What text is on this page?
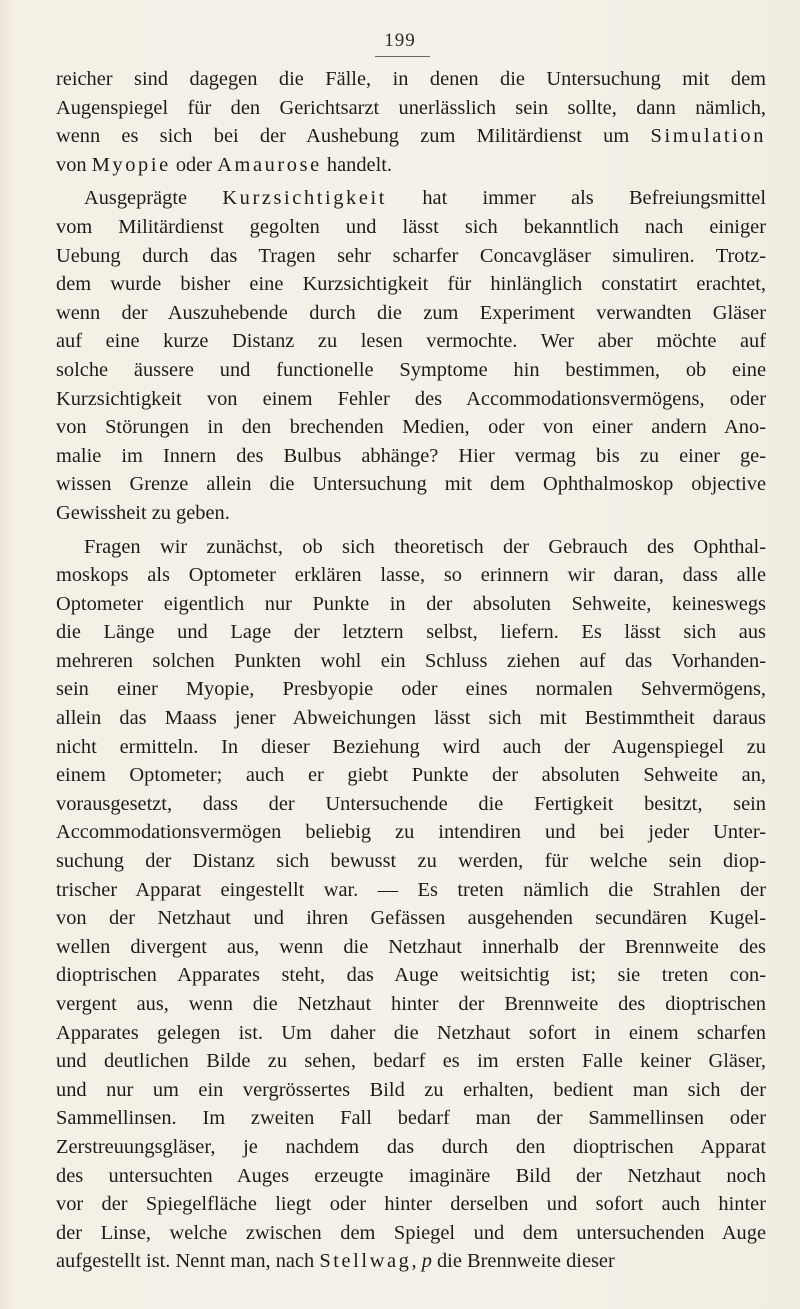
199

reicher sind dagegen die Fälle, in denen die Untersuchung mit dem
Augenspiegel für den Gerichtsarzt unerlässlich sein sollte, dann nämlich,
wenn es sich bei der Aushebung zum Militärdienst um Simulation
von Myopie oder Amaurose handelt.

Ausgeprägte Kurzsichtigkeit hat immer als Befreiungsmittel
vom Militärdienst gegolten und lässt sich bekanntlich nach einiger
Uebung durch das Tragen sehr scharfer Concavgläser simuliren. Trotz-
dem wurde bisher eine Kurzsichtigkeit für hinlänglich constatirt erachtet,
wenn der Auszuhebende durch die zum Experiment verwandten Gläser
auf eine kurze Distanz zu lesen vermochte. Wer aber möchte auf
solche äussere und functionelle Symptome hin bestimmen, ob eine
Kurzsichtigkeit von einem Fehler des Accommodationsvermögens, oder
von Störungen in den brechenden Medien, oder von einer andern Ano-
malie im Innern des Bulbus abhänge? Hier vermag bis zu einer ge-
wissen Grenze allein die Untersuchung mit dem Ophthalmoskop objective
Gewissheit zu geben.

Fragen wir zunächst, ob sich theoretisch der Gebrauch des Ophthal-
moskops als Optometer erklären lasse, so erinnern wir daran, dass alle
Optometer eigentlich nur Punkte in der absoluten Sehweite, keineswegs
die Länge und Lage der letztern selbst, liefern. Es lässt sich aus
mehreren solchen Punkten wohl ein Schluss ziehen auf das Vorhanden-
sein einer Myopie, Presbyopie oder eines normalen Sehvermögens,
allein das Maass jener Abweichungen lässt sich mit Bestimmtheit daraus
nicht ermitteln. In dieser Beziehung wird auch der Augenspiegel zu
einem Optometer; auch er giebt Punkte der absoluten Sehweite an,
vorausgesetzt, dass der Untersuchende die Fertigkeit besitzt, sein
Accommodationsvermögen beliebig zu intendiren und bei jeder Unter-
suchung der Distanz sich bewusst zu werden, für welche sein diop-
trischer Apparat eingestellt war. — Es treten nämlich die Strahlen der
von der Netzhaut und ihren Gefässen ausgehenden secundären Kugel-
wellen divergent aus, wenn die Netzhaut innerhalb der Brennweite des
dioptrischen Apparates steht, das Auge weitsichtig ist; sie treten con-
vergent aus, wenn die Netzhaut hinter der Brennweite des dioptrischen
Apparates gelegen ist. Um daher die Netzhaut sofort in einem scharfen
und deutlichen Bilde zu sehen, bedarf es im ersten Falle keiner Gläser,
und nur um ein vergrössertes Bild zu erhalten, bedient man sich der
Sammellinsen. Im zweiten Fall bedarf man der Sammellinsen oder
Zerstreuungsgläser, je nachdem das durch den dioptrischen Apparat
des untersuchten Auges erzeugte imaginäre Bild der Netzhaut noch
vor der Spiegelfläche liegt oder hinter derselben und sofort auch hinter
der Linse, welche zwischen dem Spiegel und dem untersuchenden Auge
aufgestellt ist. Nennt man, nach Stellwag, p die Brennweite dieser
